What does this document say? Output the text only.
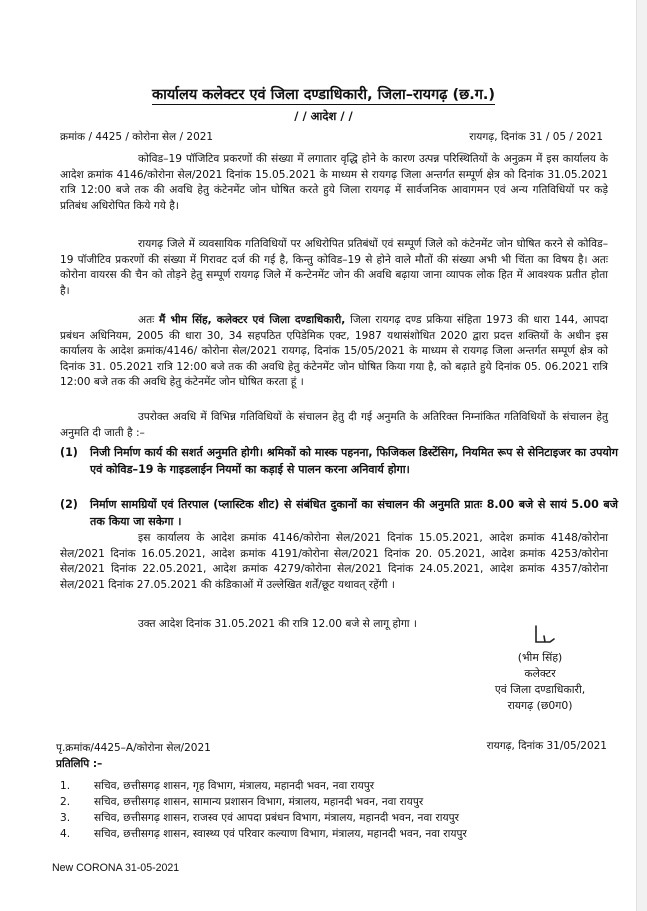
कार्यालय कलेक्टर एवं जिला दण्डाधिकारी, जिला–रायगढ़ (छ.ग.)
/ / आदेश / /
क्रमांक / 4425 / कोरोना सेल / 2021	रायगढ़, दिनांक 31 / 05 / 2021

कोविड–19 पॉजिटिव प्रकरणों की संख्या में लगातार वृद्धि होने के कारण उत्पन्न परिस्थितियों के अनुक्रम में इस कार्यालय के आदेश क्रमांक 4146/कोरोना सेल/2021 दिनांक 15.05.2021 के माध्यम से रायगढ़ जिला अन्तर्गत सम्पूर्ण क्षेत्र को दिनांक 31.05.2021 रात्रि 12:00 बजे तक की अवधि हेतु कंटेनमेंट जोन घोषित करते हुये जिला रायगढ़ में सार्वजनिक आवागमन एवं अन्य गतिविधियों पर कड़े प्रतिबंध अधिरोपित किये गये है।

रायगढ़ जिले में व्यवसायिक गतिविधियों पर अधिरोपित प्रतिबंधों एवं सम्पूर्ण जिले को कंटेनमेंट जोन घोषित करने से कोविड–19 पॉजीटिव प्रकरणों की संख्या में गिरावट दर्ज की गई है, किन्तु कोविड–19 से होने वाले मौतों की संख्या अभी भी चिंता का विषय है। अतः कोरोना वायरस की चैन को तोड़ने हेतु सम्पूर्ण रायगढ़ जिले में कन्टेनमेंट जोन की अवधि बढ़ाया जाना व्यापक लोक हित में आवश्यक प्रतीत होता है।

अतः मैं भीम सिंह, कलेक्टर एवं जिला दण्डाधिकारी, जिला रायगढ़ दण्ड प्रकिया संहिता 1973 की धारा 144, आपदा प्रबंधन अधिनियम, 2005 की धारा 30, 34 सहपठित एपिडेमिक एक्ट, 1987 यथासंशोधित 2020 द्वारा प्रदत्त शक्तियों के अधीन इस कार्यालय के आदेश क्रमांक/4146/ कोरोना सेल/2021 रायगढ़, दिनांक 15/05/2021 के माध्यम से रायगढ़ जिला अन्तर्गत सम्पूर्ण क्षेत्र को दिनांक 31. 05.2021 रात्रि 12:00 बजे तक की अवधि हेतु कंटेनमेंट जोन घोषित किया गया है, को बढ़ाते हुये दिनांक 05. 06.2021 रात्रि 12:00 बजे तक की अवधि हेतु कंटेनमेंट जोन घोषित करता हूं ।

उपरोक्त अवधि में विभिन्न गतिविधियों के संचालन हेतु दी गई अनुमति के अतिरिक्त निम्नांकित गतिविधियों के संचालन हेतु अनुमति दी जाती है :–

(1)	निजी निर्माण कार्य की सशर्त अनुमति होगी। श्रमिकों को मास्क पहनना, फिजिकल डिस्टेंसिग, नियमित रूप से सेनिटाइजर का उपयोग एवं कोविड–19 के गाइडलाईन नियमों का कड़ाई से पालन करना अनिवार्य होगा।
(2)	निर्माण सामग्रियों एवं तिरपाल (प्लास्टिक शीट) से संबंधित दुकानों का संचालन की अनुमति प्रातः 8.00 बजे से सायं 5.00 बजे तक किया जा सकेगा ।

इस कार्यालय के आदेश क्रमांक 4146/कोरोना सेल/2021 दिनांक 15.05.2021, आदेश क्रमांक 4148/कोरोना सेल/2021 दिनांक 16.05.2021, आदेश क्रमांक 4191/कोरोना सेल/2021 दिनांक 20. 05.2021, आदेश क्रमांक 4253/कोरोना सेल/2021 दिनांक 22.05.2021, आदेश क्रमांक 4279/कोरोना सेल/2021 दिनांक 24.05.2021, आदेश क्रमांक 4357/कोरोना सेल/2021 दिनांक 27.05.2021 की कंडिकाओं में उल्लेखित शर्तें/छूट यथावत् रहेंगी ।

उक्त आदेश दिनांक 31.05.2021 की रात्रि 12.00 बजे से लागू होगा ।

(भीम सिंह)
कलेक्टर
एवं जिला दण्डाधिकारी,
रायगढ़ (छ0ग0)
पृ.क्रमांक/4425–A/कोरोना सेल/2021	रायगढ़, दिनांक 31/05/2021
प्रतिलिपि :–
1. सचिव, छत्तीसगढ़ शासन, गृह विभाग, मंत्रालय, महानदी भवन, नवा रायपुर
2. सचिव, छत्तीसगढ़ शासन, सामान्य प्रशासन विभाग, मंत्रालय, महानदी भवन, नवा रायपुर
3. सचिव, छत्तीसगढ़ शासन, राजस्व एवं आपदा प्रबंधन विभाग, मंत्रालय, महानदी भवन, नवा रायपुर
4. सचिव, छत्तीसगढ़ शासन, स्वास्थ्य एवं परिवार कल्याण विभाग, मंत्रालय, महानदी भवन, नवा रायपुर
New CORONA 31-05-2021
